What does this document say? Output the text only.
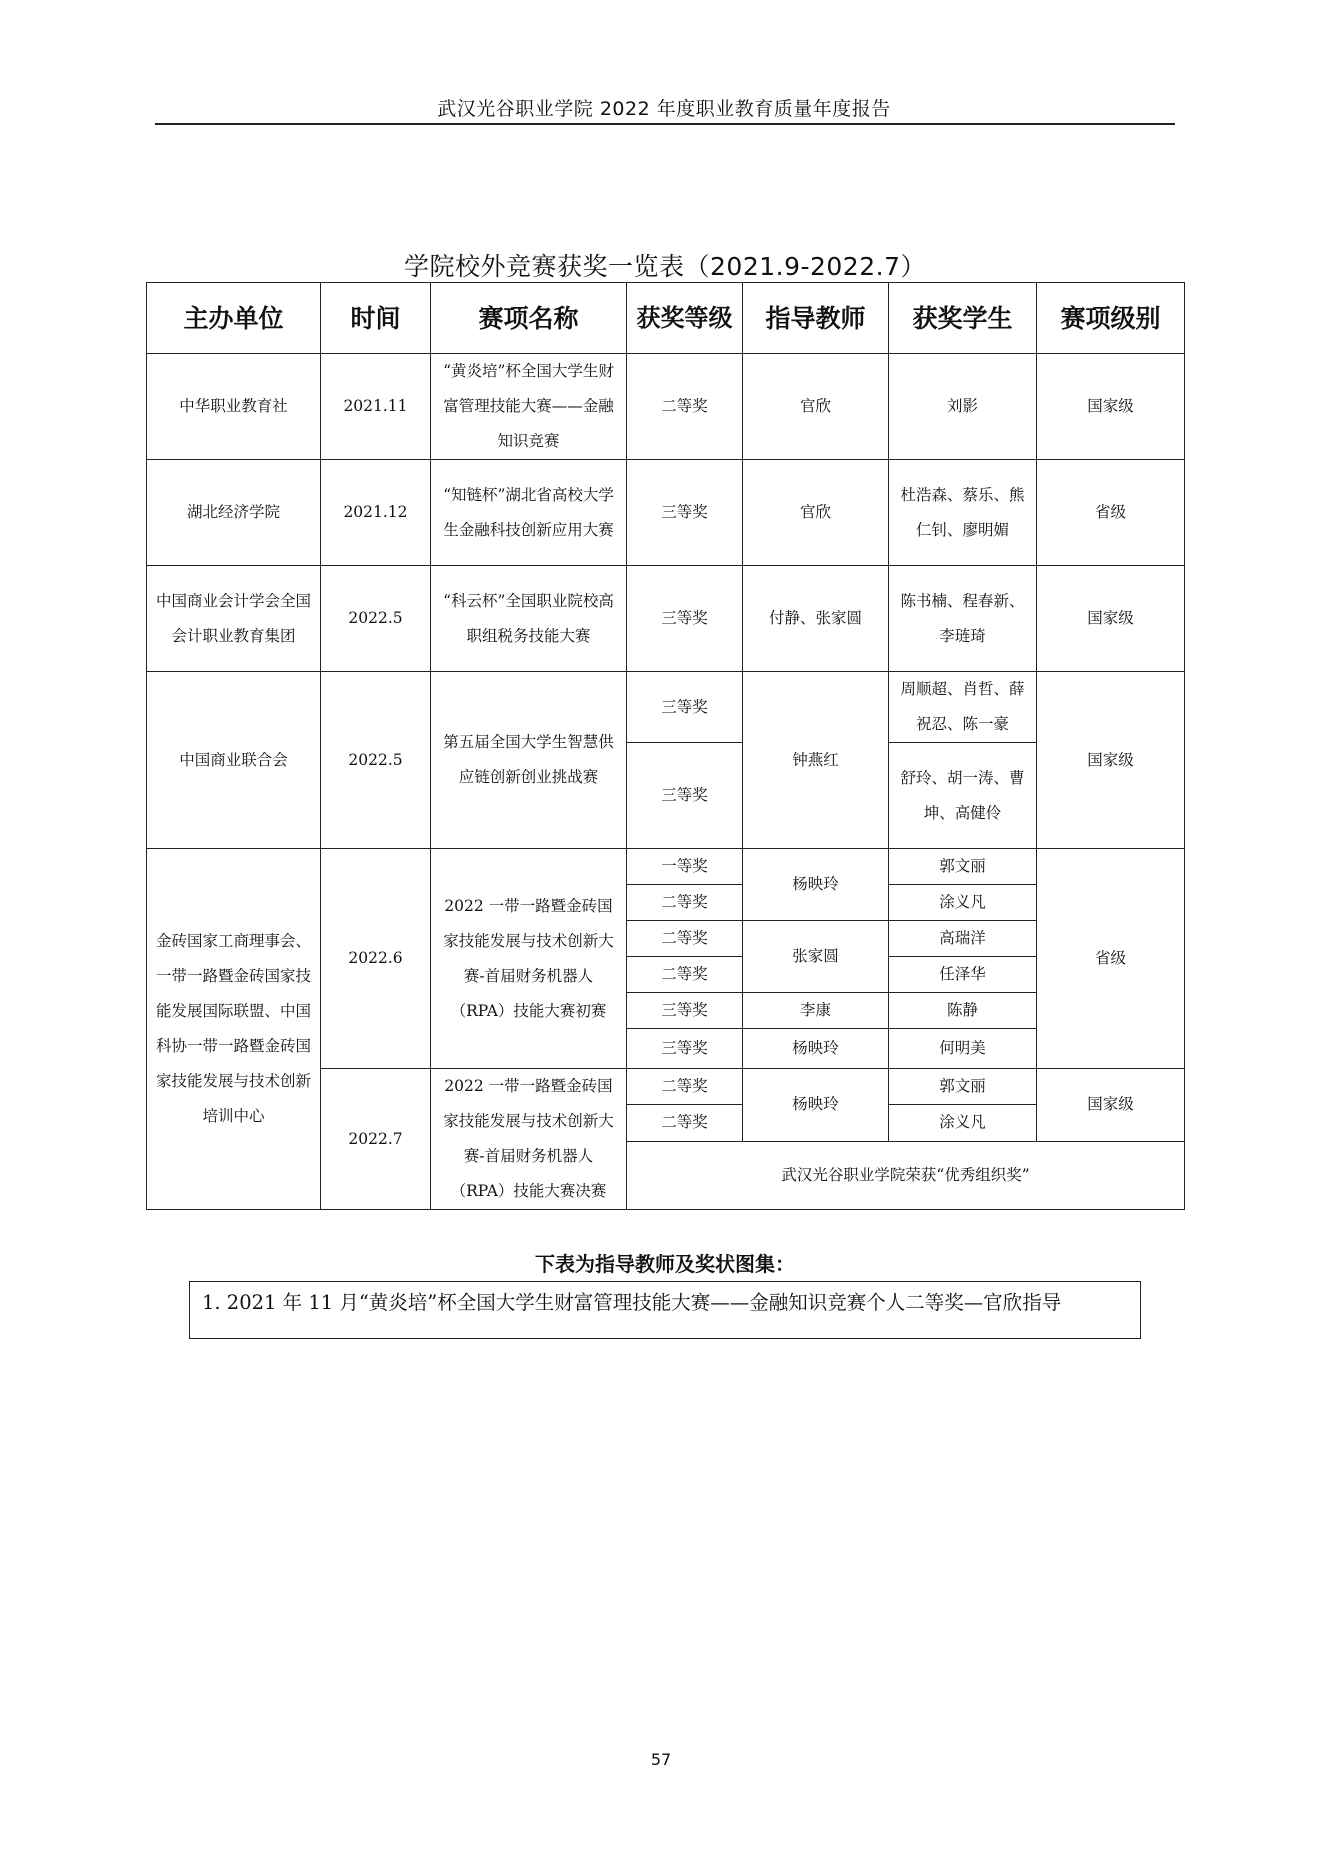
武汉光谷职业学院 2022 年度职业教育质量年度报告
学院校外竞赛获奖一览表（2021.9-2022.7）
主办单位	时间	赛项名称	获奖等级	指导教师	获奖学生	赛项级别
中华职业教育社	2021.11	“黄炎培”杯全国大学生财富管理技能大赛——金融知识竞赛	二等奖	官欣	刘影	国家级
湖北经济学院	2021.12	“知链杯”湖北省高校大学生金融科技创新应用大赛	三等奖	官欣	杜浩森、蔡乐、熊仁钊、廖明媚	省级
中国商业会计学会全国会计职业教育集团	2022.5	“科云杯”全国职业院校高职组税务技能大赛	三等奖	付静、张家圆	陈书楠、程春新、李琏琦	国家级
中国商业联合会	2022.5	第五届全国大学生智慧供应链创新创业挑战赛	三等奖	钟燕红	周顺超、肖哲、薛祝忍、陈一豪	国家级
			三等奖		舒玲、胡一涛、曹坤、高健伶	
金砖国家工商理事会、一带一路暨金砖国家技能发展国际联盟、中国科协一带一路暨金砖国家技能发展与技术创新培训中心	2022.6	2022 一带一路暨金砖国家技能发展与技术创新大赛-首届财务机器人（RPA）技能大赛初赛	一等奖	杨映玲	郭文丽	省级
			二等奖		涂义凡	
			二等奖	张家圆	高瑞洋	
			二等奖		任泽华	
			三等奖	李康	陈静	
			三等奖	杨映玲	何明美	
	2022.7	2022 一带一路暨金砖国家技能发展与技术创新大赛-首届财务机器人（RPA）技能大赛决赛	二等奖	杨映玲	郭文丽	国家级
			二等奖		涂义凡	
			武汉光谷职业学院荣获“优秀组织奖”			
下表为指导教师及奖状图集：
1. 2021 年 11 月“黄炎培”杯全国大学生财富管理技能大赛——金融知识竞赛个人二等奖—官欣指导
57
